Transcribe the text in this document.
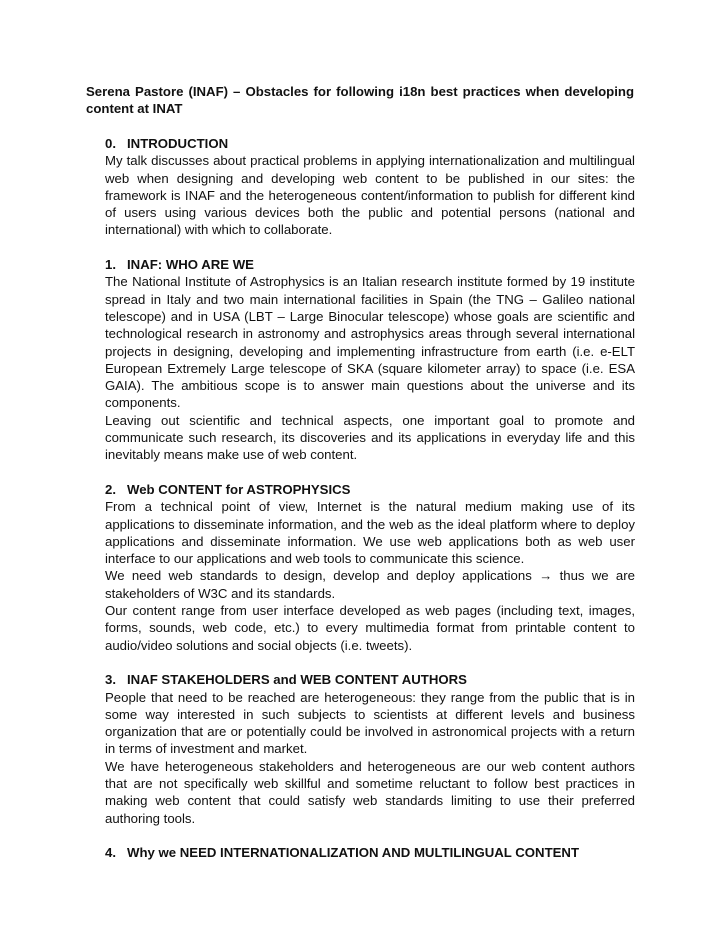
Serena Pastore (INAF) – Obstacles for following i18n best practices when developing content at INAT

0. INTRODUCTION

My talk discusses about practical problems in applying internationalization and multilingual web when designing and developing web content to be published in our sites: the framework is INAF and the heterogeneous content/information to publish for different kind of users using various devices both the public and potential persons (national and international) with which to collaborate.

1. INAF: WHO ARE WE

The National Institute of Astrophysics is an Italian research institute formed by 19 institute spread in Italy and two main international facilities in Spain (the TNG – Galileo national telescope) and in USA (LBT – Large Binocular telescope) whose goals are scientific and technological research in astronomy and astrophysics areas through several international projects in designing, developing and implementing infrastructure from earth (i.e. e-ELT European Extremely Large telescope of SKA (square kilometer array) to space (i.e. ESA GAIA). The ambitious scope is to answer main questions about the universe and its components.

Leaving out scientific and technical aspects, one important goal to promote and communicate such research, its discoveries and its applications in everyday life and this inevitably means make use of web content.

2. Web CONTENT for ASTROPHYSICS

From a technical point of view, Internet is the natural medium making use of its applications to disseminate information, and the web as the ideal platform where to deploy applications and disseminate information. We use web applications both as web user interface to our applications and web tools to communicate this science.

We need web standards to design, develop and deploy applications → thus we are stakeholders of W3C and its standards.

Our content range from user interface developed as web pages (including text, images, forms, sounds, web code, etc.) to every multimedia format from printable content to audio/video solutions and social objects (i.e. tweets).

3. INAF STAKEHOLDERS and WEB CONTENT AUTHORS

People that need to be reached are heterogeneous: they range from the public that is in some way interested in such subjects to scientists at different levels and business organization that are or potentially could be involved in astronomical projects with a return in terms of investment and market.

We have heterogeneous stakeholders and heterogeneous are our web content authors that are not specifically web skillful and sometime reluctant to follow best practices in making web content that could satisfy web standards limiting to use their preferred authoring tools.

4. Why we NEED INTERNATIONALIZATION AND MULTILINGUAL CONTENT
